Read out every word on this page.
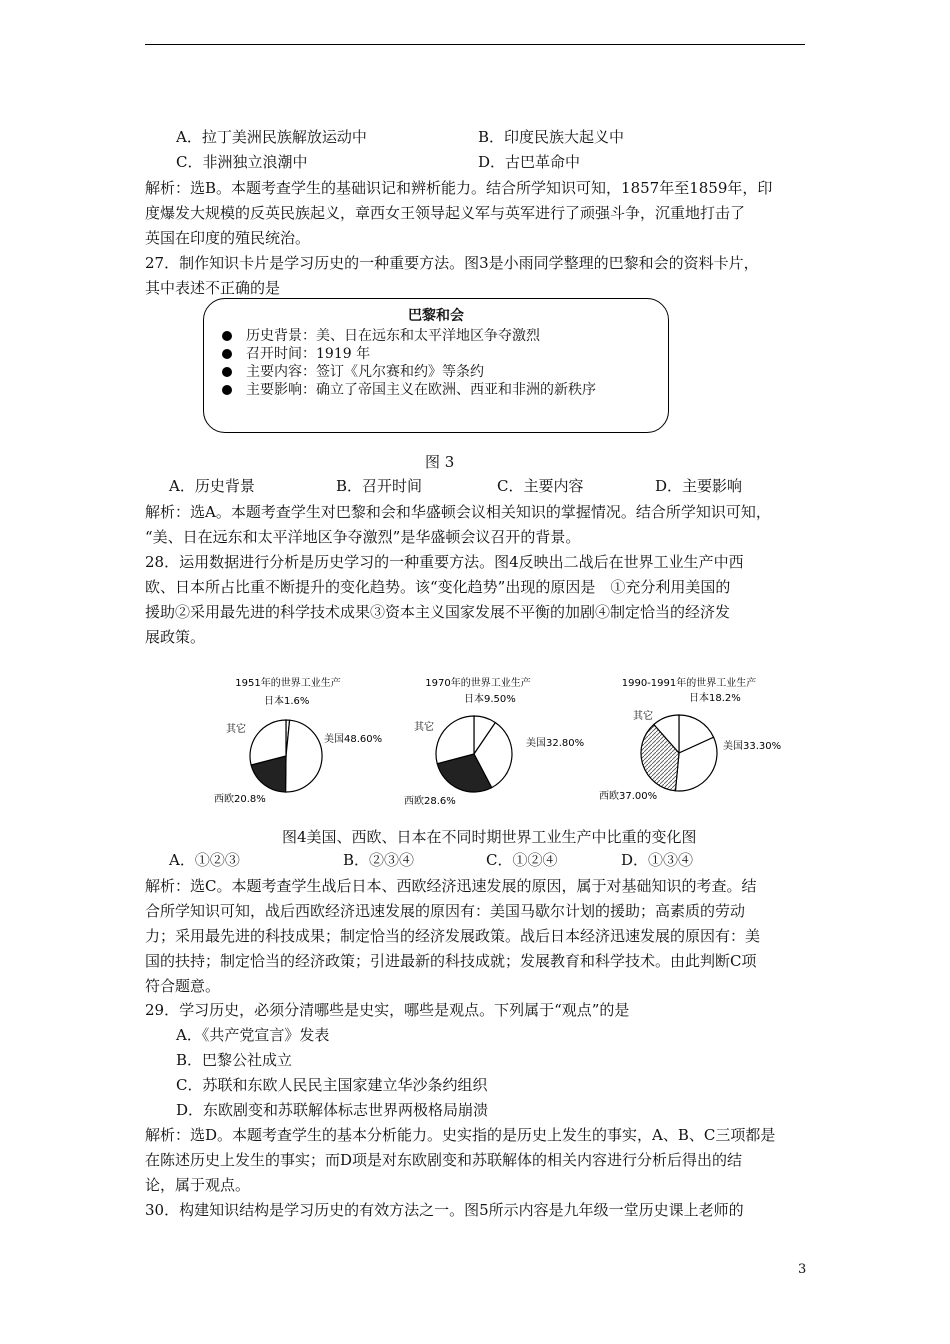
A．拉丁美洲民族解放运动中	B．印度民族大起义中
C．非洲独立浪潮中	D．古巴革命中
解析：选B。本题考查学生的基础识记和辨析能力。结合所学知识可知，1857年至1859年，印
度爆发大规模的反英民族起义，章西女王领导起义军与英军进行了顽强斗争，沉重地打击了
英国在印度的殖民统治。
27．制作知识卡片是学习历史的一种重要方法。图3是小雨同学整理的巴黎和会的资料卡片，
其中表述不正确的是
巴黎和会
历史背景：美、日在远东和太平洋地区争夺激烈
召开时间：1919 年
主要内容：签订《凡尔赛和约》等条约
主要影响：确立了帝国主义在欧洲、西亚和非洲的新秩序
图 3
A．历史背景	B．召开时间	C．主要内容	D．主要影响
解析：选A。本题考查学生对巴黎和会和华盛顿会议相关知识的掌握情况。结合所学知识可知，
“美、日在远东和太平洋地区争夺激烈”是华盛顿会议召开的背景。
28．运用数据进行分析是历史学习的一种重要方法。图4反映出二战后在世界工业生产中西
欧、日本所占比重不断提升的变化趋势。该“变化趋势”出现的原因是　①充分利用美国的
援助②采用最先进的科学技术成果③资本主义国家发展不平衡的加剧④制定恰当的经济发
展政策。
1951年的世界工业生产
日本1.6%
美国48.60%
西欧20.8%
其它
1970年的世界工业生产
日本9.50%
美国32.80%
西欧28.6%
其它
1990-1991年的世界工业生产
日本18.2%
美国33.30%
西欧37.00%
其它
图4美国、西欧、日本在不同时期世界工业生产中比重的变化图
A．①②③	B．②③④	C．①②④	D．①③④
解析：选C。本题考查学生战后日本、西欧经济迅速发展的原因，属于对基础知识的考查。结
合所学知识可知，战后西欧经济迅速发展的原因有：美国马歇尔计划的援助；高素质的劳动
力；采用最先进的科技成果；制定恰当的经济发展政策。战后日本经济迅速发展的原因有：美
国的扶持；制定恰当的经济政策；引进最新的科技成就；发展教育和科学技术。由此判断C项
符合题意。
29．学习历史，必须分清哪些是史实，哪些是观点。下列属于“观点”的是
A．《共产党宣言》发表
B．巴黎公社成立
C．苏联和东欧人民民主国家建立华沙条约组织
D．东欧剧变和苏联解体标志世界两极格局崩溃
解析：选D。本题考查学生的基本分析能力。史实指的是历史上发生的事实，A、B、C三项都是
在陈述历史上发生的事实；而D项是对东欧剧变和苏联解体的相关内容进行分析后得出的结
论，属于观点。
30．构建知识结构是学习历史的有效方法之一。图5所示内容是九年级一堂历史课上老师的
3
